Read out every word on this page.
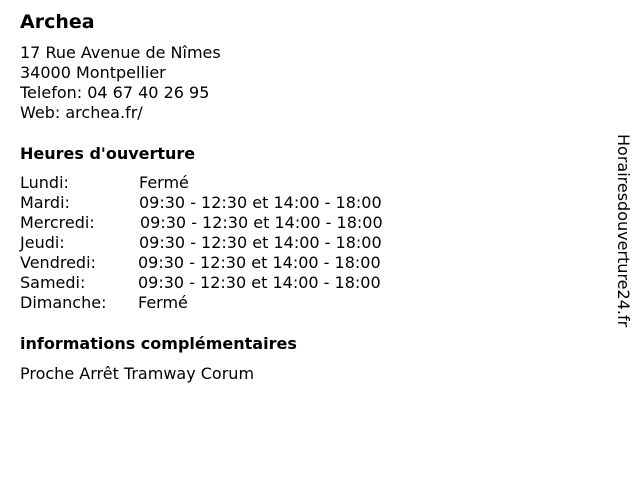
Archea
17 Rue Avenue de Nîmes
34000 Montpellier
Telefon: 04 67 40 26 95
Web: archea.fr/
Heures d'ouverture
Lundi:	Fermé
Mardi:	09:30 - 12:30 et 14:00 - 18:00
Mercredi:	09:30 - 12:30 et 14:00 - 18:00
Jeudi:	09:30 - 12:30 et 14:00 - 18:00
Vendredi:	09:30 - 12:30 et 14:00 - 18:00
Samedi:	09:30 - 12:30 et 14:00 - 18:00
Dimanche: Fermé
informations complémentaires
Proche Arrêt Tramway Corum
Horairesdouverture24.fr
